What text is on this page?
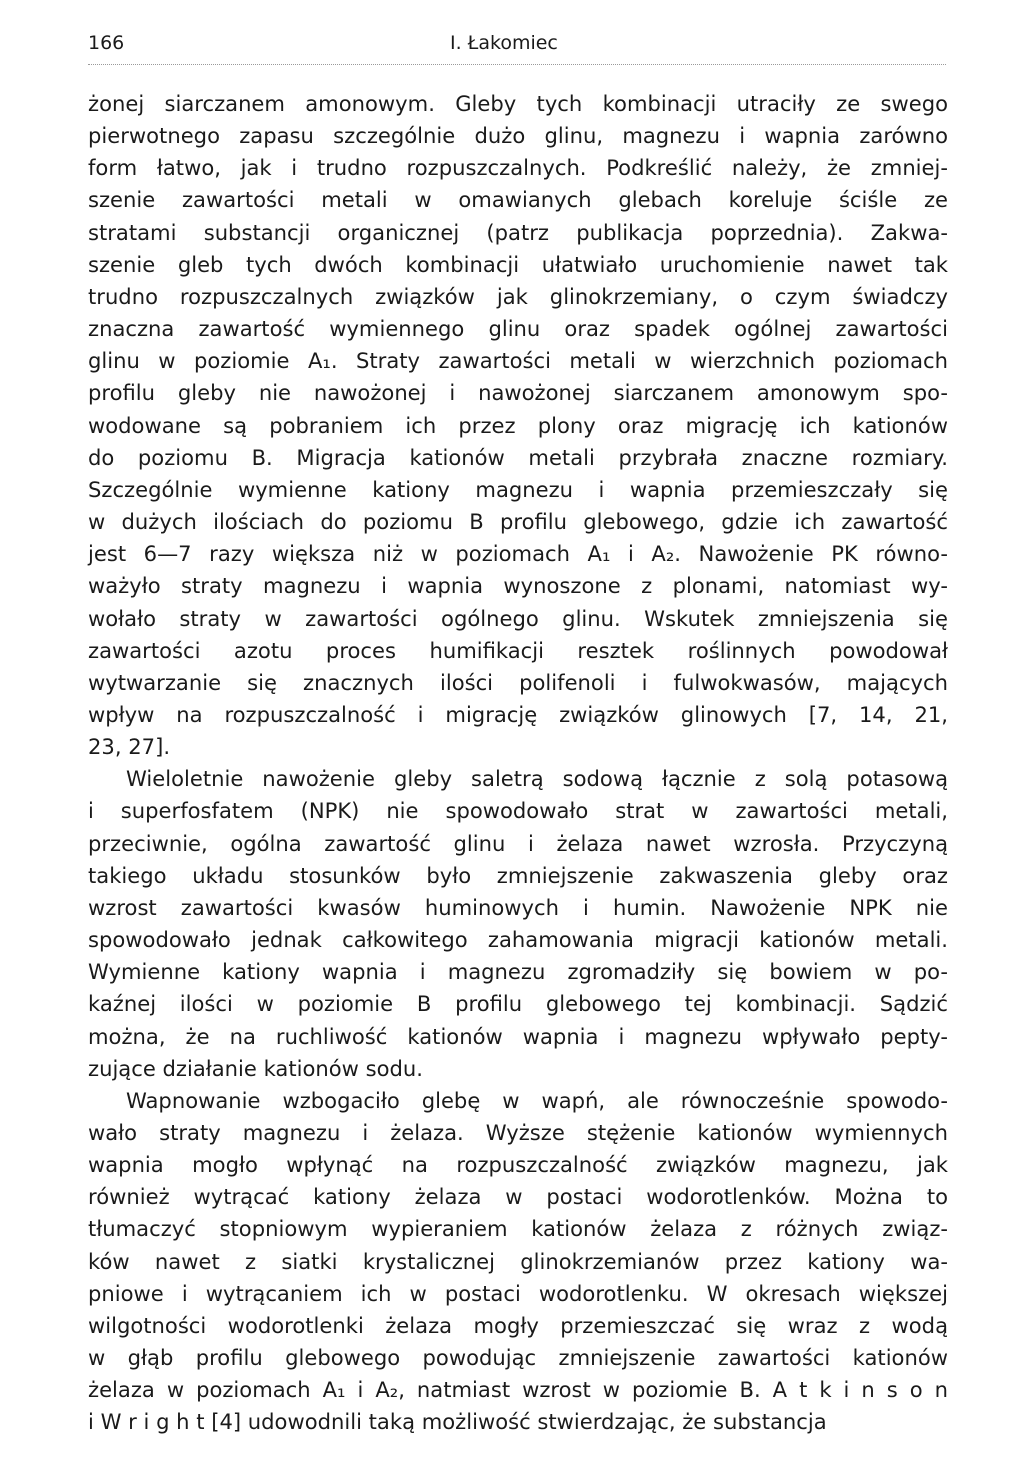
166	I. Łakomiec
żonej siarczanem amonowym. Gleby tych kombinacji utraciły ze swego
pierwotnego zapasu szczególnie dużo glinu, magnezu i wapnia zarówno
form łatwo, jak i trudno rozpuszczalnych. Podkreślić należy, że zmniej-
szenie zawartości metali w omawianych glebach koreluje ściśle ze
stratami substancji organicznej (patrz publikacja poprzednia). Zakwa-
szenie gleb tych dwóch kombinacji ułatwiało uruchomienie nawet tak
trudno rozpuszczalnych związków jak glinokrzemiany, o czym świadczy
znaczna zawartość wymiennego glinu oraz spadek ogólnej zawartości
glinu w poziomie A₁. Straty zawartości metali w wierzchnich poziomach
profilu gleby nie nawożonej i nawożonej siarczanem amonowym spo-
wodowane są pobraniem ich przez plony oraz migrację ich kationów
do poziomu B. Migracja kationów metali przybrała znaczne rozmiary.
Szczególnie wymienne kationy magnezu i wapnia przemieszczały się
w dużych ilościach do poziomu B profilu glebowego, gdzie ich zawartość
jest 6—7 razy większa niż w poziomach A₁ i A₂. Nawożenie PK równo-
ważyło straty magnezu i wapnia wynoszone z plonami, natomiast wy-
wołało straty w zawartości ogólnego glinu. Wskutek zmniejszenia się
zawartości azotu proces humifikacji resztek roślinnych powodował
wytwarzanie się znacznych ilości polifenoli i fulwokwasów, mających
wpływ na rozpuszczalność i migrację związków glinowych [7, 14, 21,
23, 27].
Wieloletnie nawożenie gleby saletrą sodową łącznie z solą potasową
i superfosfatem (NPK) nie spowodowało strat w zawartości metali,
przeciwnie, ogólna zawartość glinu i żelaza nawet wzrosła. Przyczyną
takiego układu stosunków było zmniejszenie zakwaszenia gleby oraz
wzrost zawartości kwasów huminowych i humin. Nawożenie NPK nie
spowodowało jednak całkowitego zahamowania migracji kationów metali.
Wymienne kationy wapnia i magnezu zgromadziły się bowiem w po-
kaźnej ilości w poziomie B profilu glebowego tej kombinacji. Sądzić
można, że na ruchliwość kationów wapnia i magnezu wpływało pepty-
zujące działanie kationów sodu.
Wapnowanie wzbogaciło glebę w wapń, ale równocześnie spowodo-
wało straty magnezu i żelaza. Wyższe stężenie kationów wymiennych
wapnia mogło wpłynąć na rozpuszczalność związków magnezu, jak
również wytrącać kationy żelaza w postaci wodorotlenków. Można to
tłumaczyć stopniowym wypieraniem kationów żelaza z różnych związ-
ków nawet z siatki krystalicznej glinokrzemianów przez kationy wa-
pniowe i wytrącaniem ich w postaci wodorotlenku. W okresach większej
wilgotności wodorotlenki żelaza mogły przemieszczać się wraz z wodą
w głąb profilu glebowego powodując zmniejszenie zawartości kationów
żelaza w poziomach A₁ i A₂, natmiast wzrost w poziomie B. A t k i n s o n
i W r i g h t [4] udowodnili taką możliwość stwierdzając, że substancja
